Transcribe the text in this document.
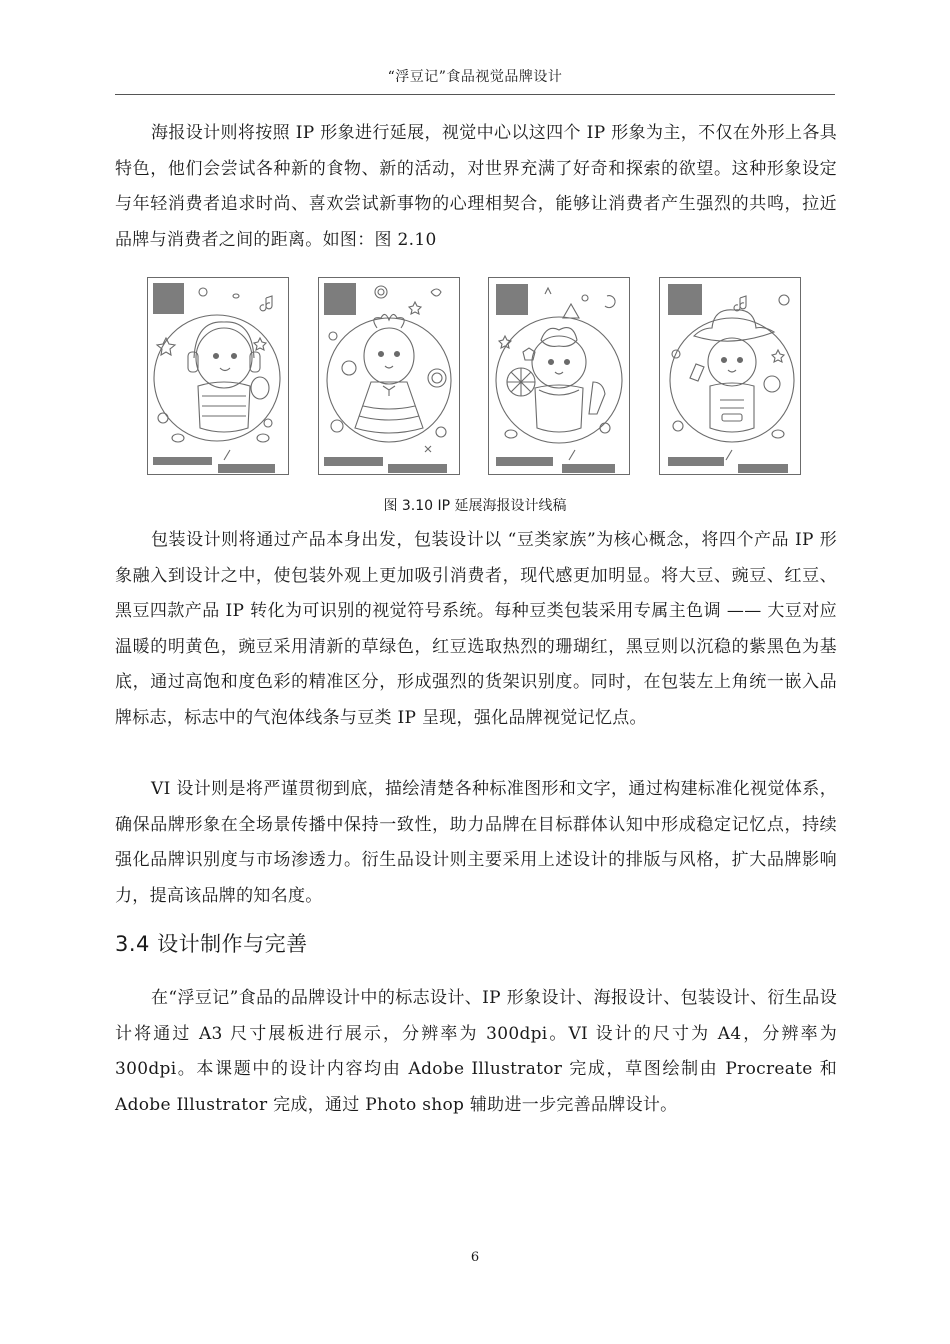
“浮豆记”食品视觉品牌设计

海报设计则将按照 IP 形象进行延展，视觉中心以这四个 IP 形象为主，不仅在外形上各具特色，他们会尝试各种新的食物、新的活动，对世界充满了好奇和探索的欲望。这种形象设定与年轻消费者追求时尚、喜欢尝试新事物的心理相契合，能够让消费者产生强烈的共鸣，拉近品牌与消费者之间的距离。如图：图 2.10

图 3.10 IP 延展海报设计线稿

包装设计则将通过产品本身出发，包装设计以 “豆类家族”为核心概念，将四个产品 IP 形象融入到设计之中，使包装外观上更加吸引消费者，现代感更加明显。将大豆、豌豆、红豆、黑豆四款产品 IP 转化为可识别的视觉符号系统。每种豆类包装采用专属主色调 —— 大豆对应温暖的明黄色，豌豆采用清新的草绿色，红豆选取热烈的珊瑚红，黑豆则以沉稳的紫黑色为基底，通过高饱和度色彩的精准区分，形成强烈的货架识别度。同时，在包装左上角统一嵌入品牌标志，标志中的气泡体线条与豆类 IP 呈现，强化品牌视觉记忆点。

VI 设计则是将严谨贯彻到底，描绘清楚各种标准图形和文字，通过构建标准化视觉体系，确保品牌形象在全场景传播中保持一致性，助力品牌在目标群体认知中形成稳定记忆点，持续强化品牌识别度与市场渗透力。衍生品设计则主要采用上述设计的排版与风格，扩大品牌影响力，提高该品牌的知名度。

3.4 设计制作与完善

在“浮豆记”食品的品牌设计中的标志设计、IP 形象设计、海报设计、包装设计、衍生品设计将通过 A3 尺寸展板进行展示，分辨率为 300dpi。VI 设计的尺寸为 A4，分辨率为 300dpi。本课题中的设计内容均由 Adobe Illustrator 完成，草图绘制由 Procreate 和 Adobe Illustrator 完成，通过 Photo shop 辅助进一步完善品牌设计。

6
